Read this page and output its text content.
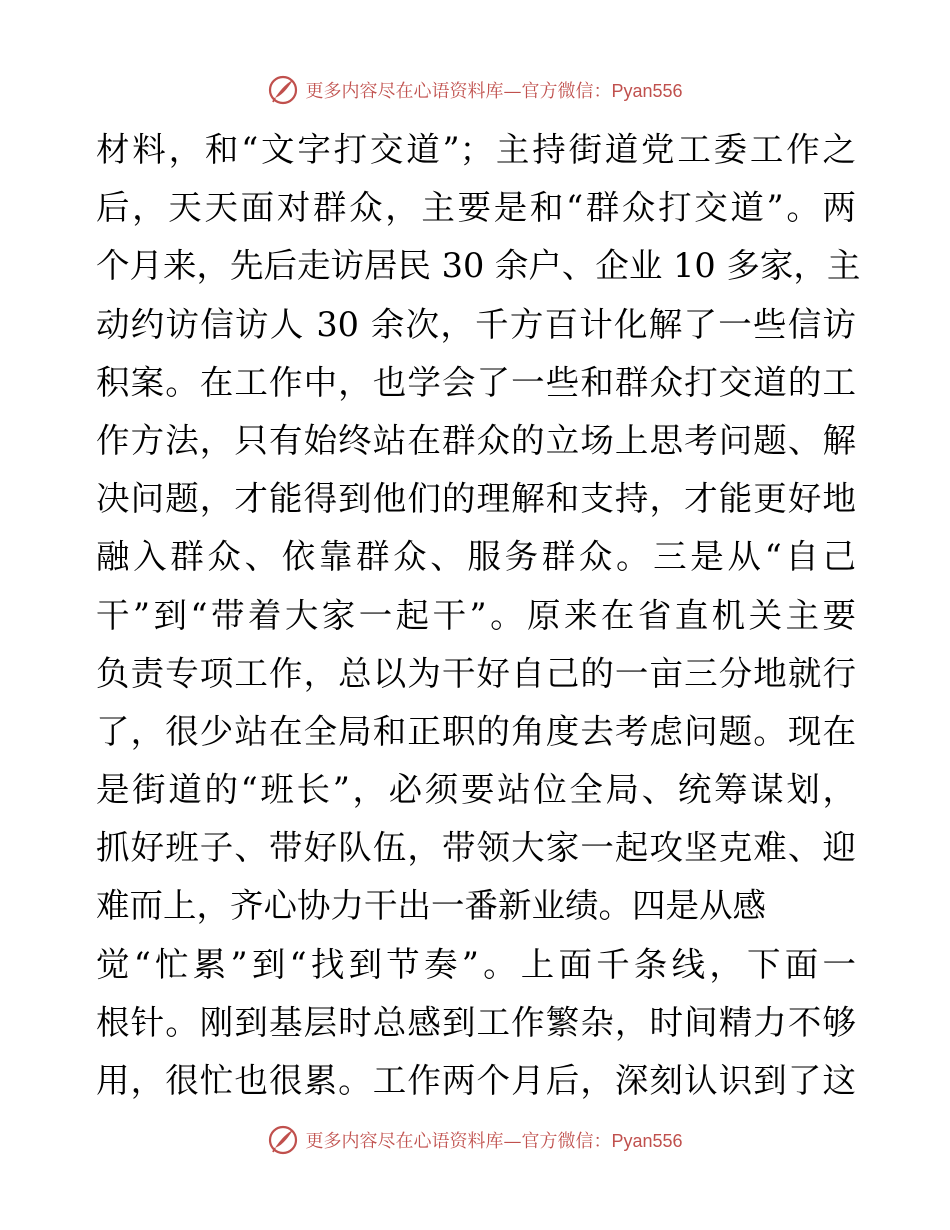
更多内容尽在心语资料库—官方微信：Pyan556
材料，和“文字打交道”；主持街道党工委工作之
后，天天面对群众，主要是和“群众打交道”。两
个月来，先后走访居民 30 余户、企业 10 多家，主
动约访信访人 30 余次，千方百计化解了一些信访
积案。在工作中，也学会了一些和群众打交道的工
作方法，只有始终站在群众的立场上思考问题、解
决问题，才能得到他们的理解和支持，才能更好地
融入群众、依靠群众、服务群众。三是从“自己
干”到“带着大家一起干”。原来在省直机关主要
负责专项工作，总以为干好自己的一亩三分地就行
了，很少站在全局和正职的角度去考虑问题。现在
是街道的“班长”，必须要站位全局、统筹谋划，
抓好班子、带好队伍，带领大家一起攻坚克难、迎
难而上，齐心协力干出一番新业绩。四是从感
觉“忙累”到“找到节奏”。上面千条线，下面一
根针。刚到基层时总感到工作繁杂，时间精力不够
用，很忙也很累。工作两个月后，深刻认识到了这
更多内容尽在心语资料库—官方微信：Pyan556
